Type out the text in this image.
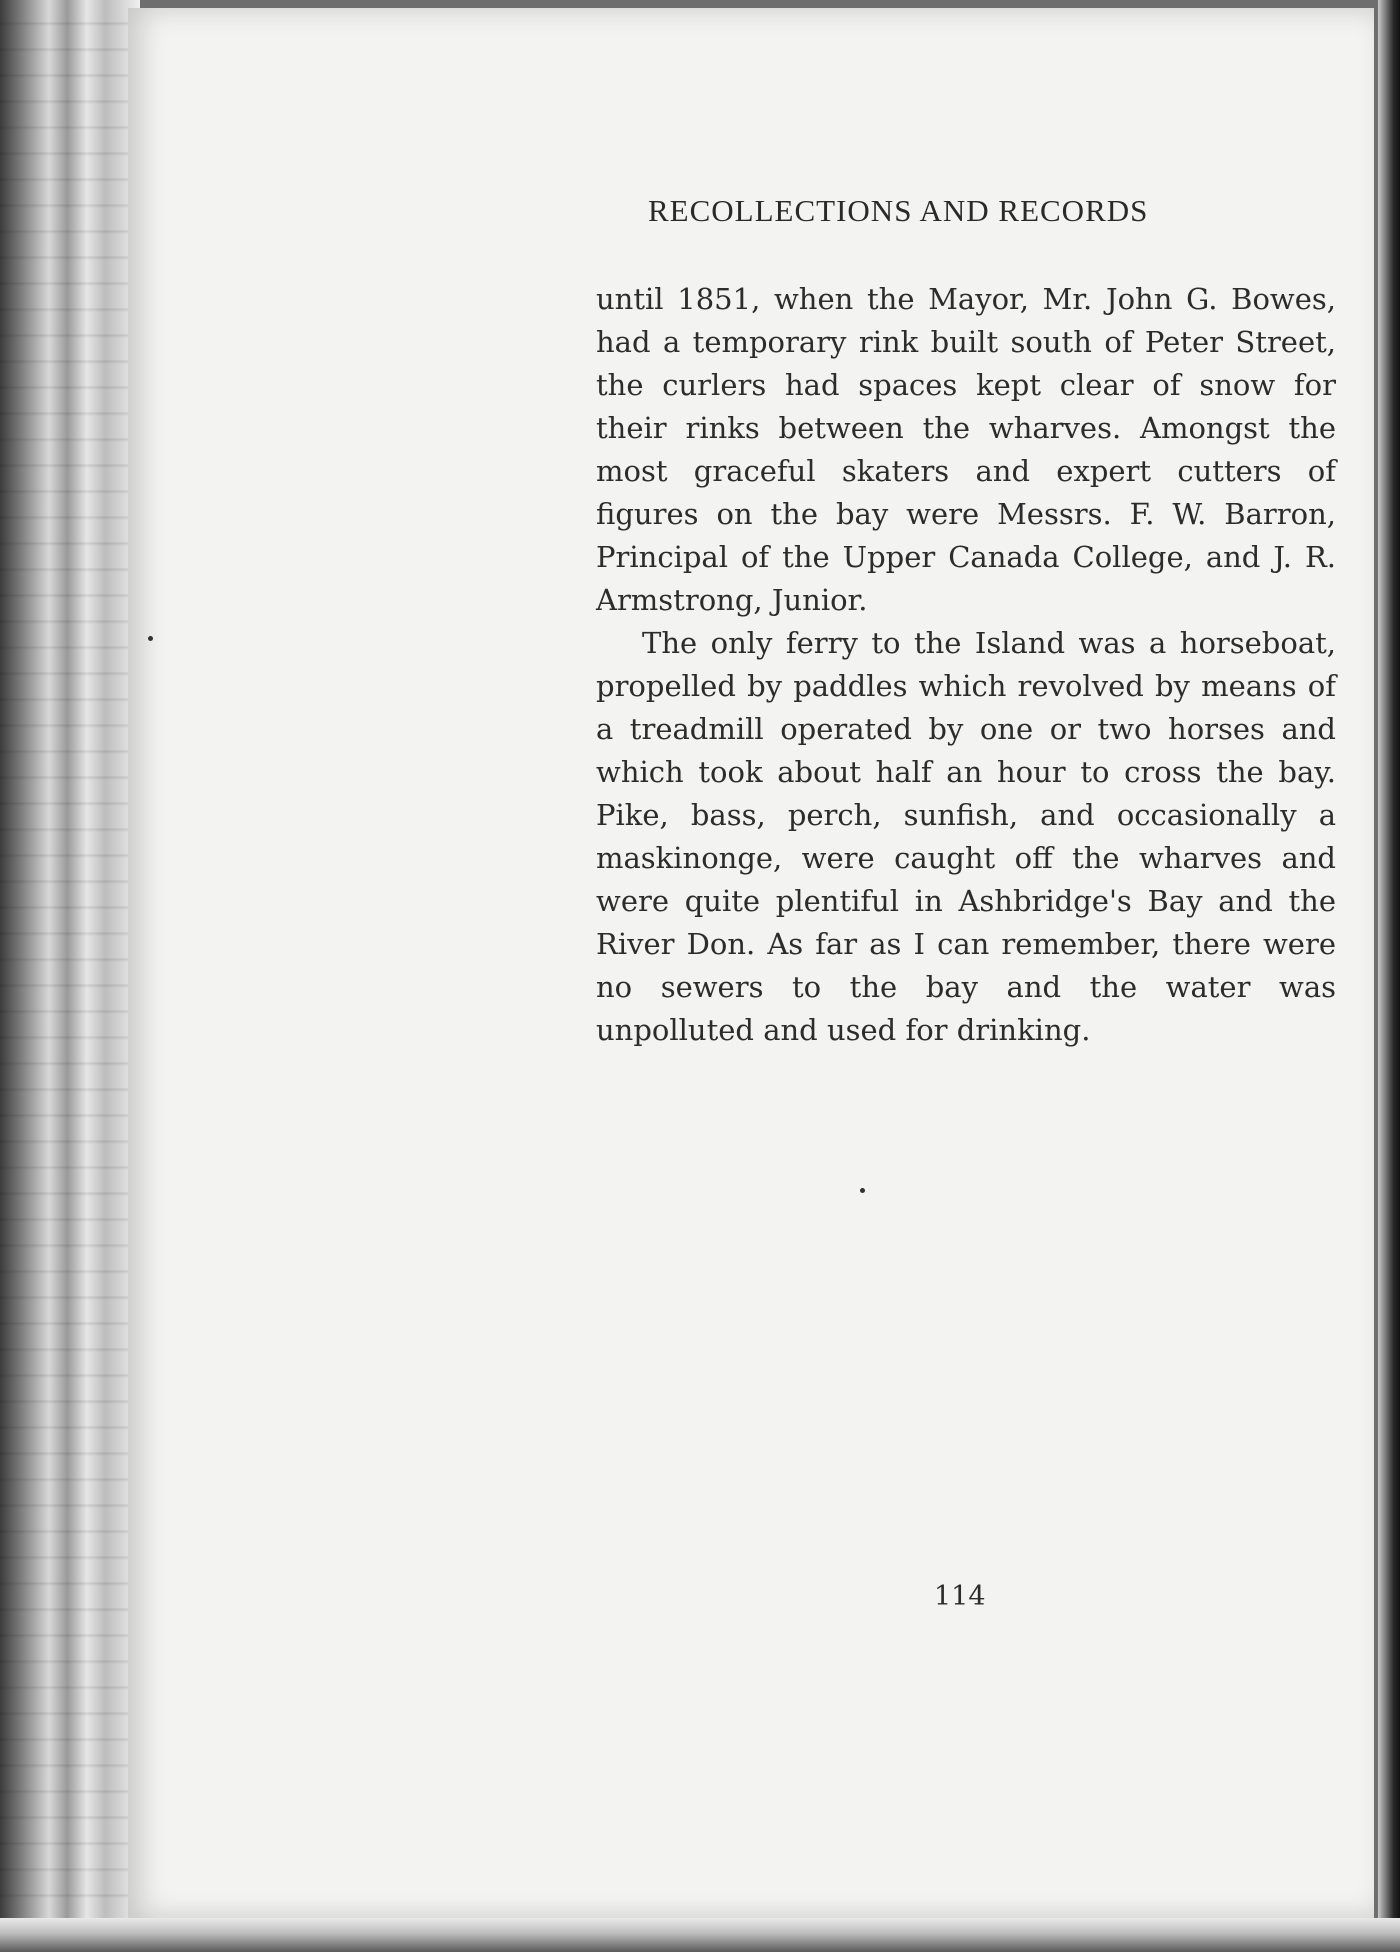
RECOLLECTIONS AND RECORDS

until 1851, when the Mayor, Mr. John G. Bowes, had a temporary rink built south of Peter Street, the curlers had spaces kept clear of snow for their rinks between the wharves. Amongst the most graceful skaters and expert cutters of figures on the bay were Messrs. F. W. Barron, Principal of the Upper Canada College, and J. R. Armstrong, Junior.

The only ferry to the Island was a horseboat, propelled by paddles which revolved by means of a treadmill operated by one or two horses and which took about half an hour to cross the bay. Pike, bass, perch, sunfish, and occasionally a maskinonge, were caught off the wharves and were quite plentiful in Ashbridge's Bay and the River Don. As far as I can remember, there were no sewers to the bay and the water was unpolluted and used for drinking.

114
